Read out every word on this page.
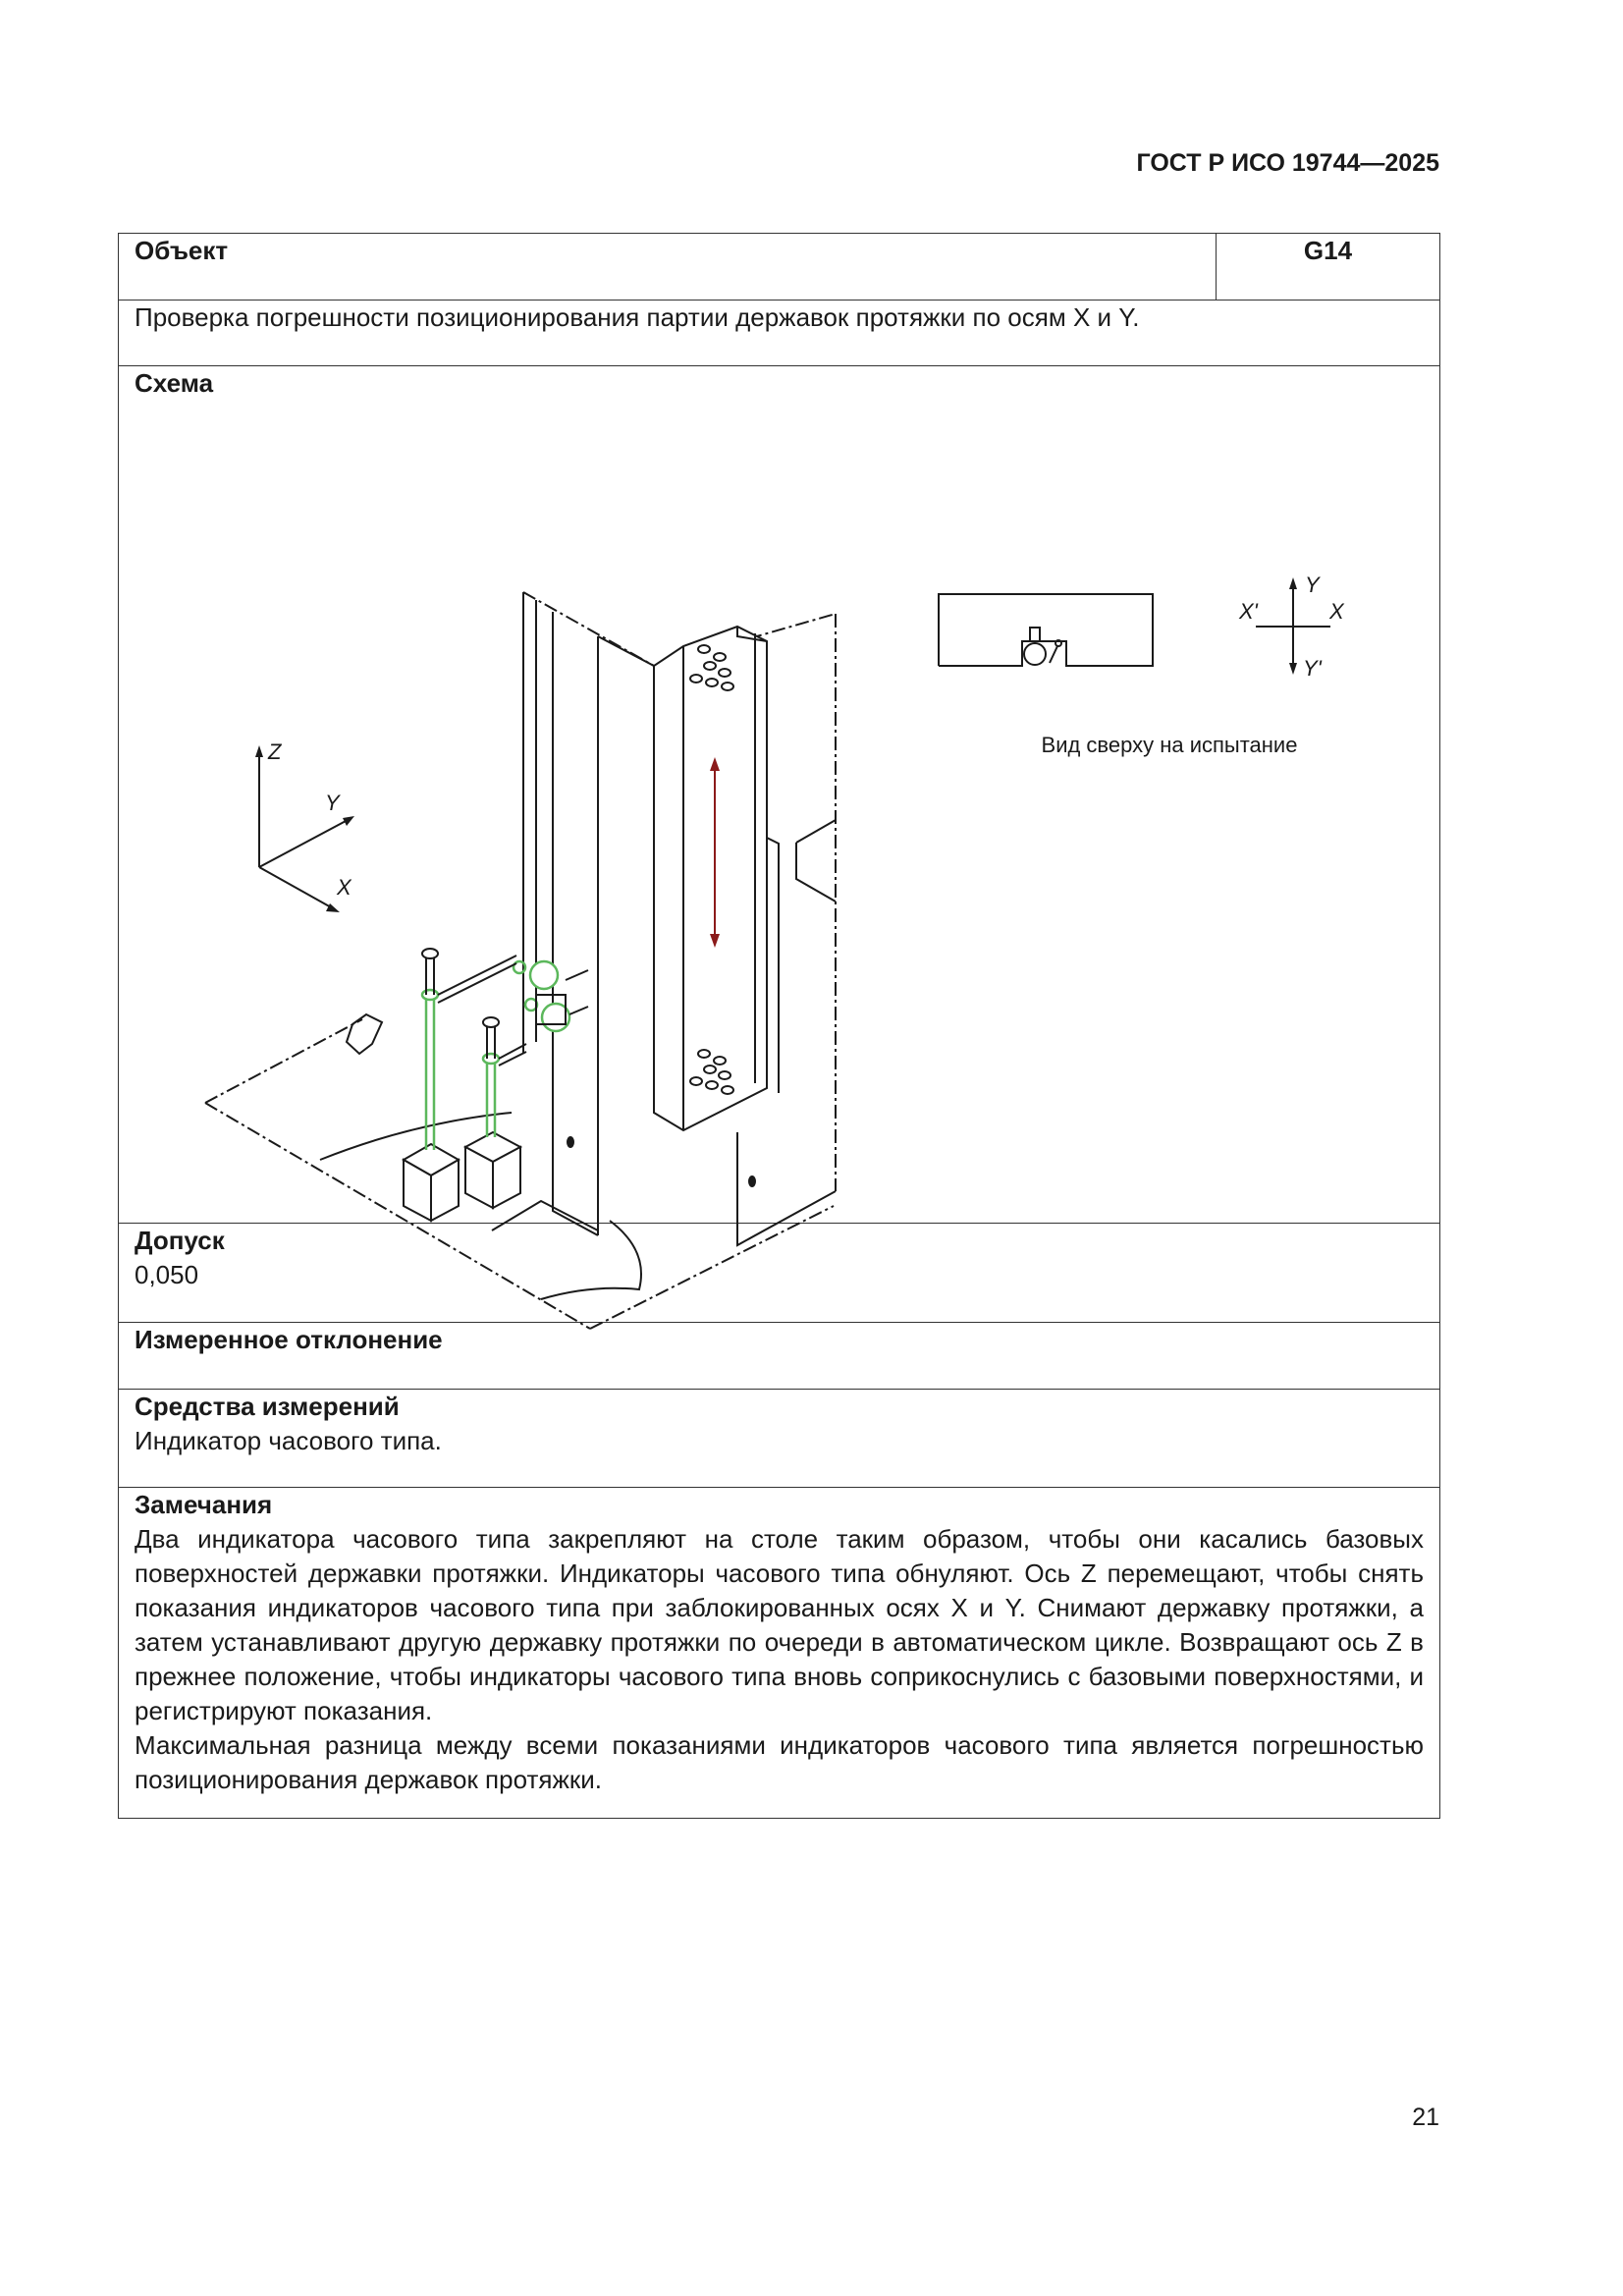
ГОСТ Р ИСО 19744—2025
Объект	G14
Проверка погрешности позиционирования партии державок протяжки по осям X и Y.

Схема
Z
Y
X
Вид сверху на испытание
Y
Y'
X'	X

Допуск
0,050

Измеренное отклонение

Средства измерений
Индикатор часового типа.

Замечания

Два индикатора часового типа закрепляют на столе таким образом, чтобы они касались базовых поверхностей державки протяжки. Индикаторы часового типа обнуляют. Ось Z перемещают, чтобы снять показания индикаторов часового типа при заблокированных осях X и Y. Снимают державку протяжки, а затем устанавливают другую державку протяжки по очереди в автоматическом цикле. Возвращают ось Z в прежнее положение, чтобы индикаторы часового типа вновь соприкоснулись с базовыми поверхностями, и регистрируют показания.

Максимальная разница между всеми показаниями индикаторов часового типа является погрешностью позиционирования державок протяжки.

21
